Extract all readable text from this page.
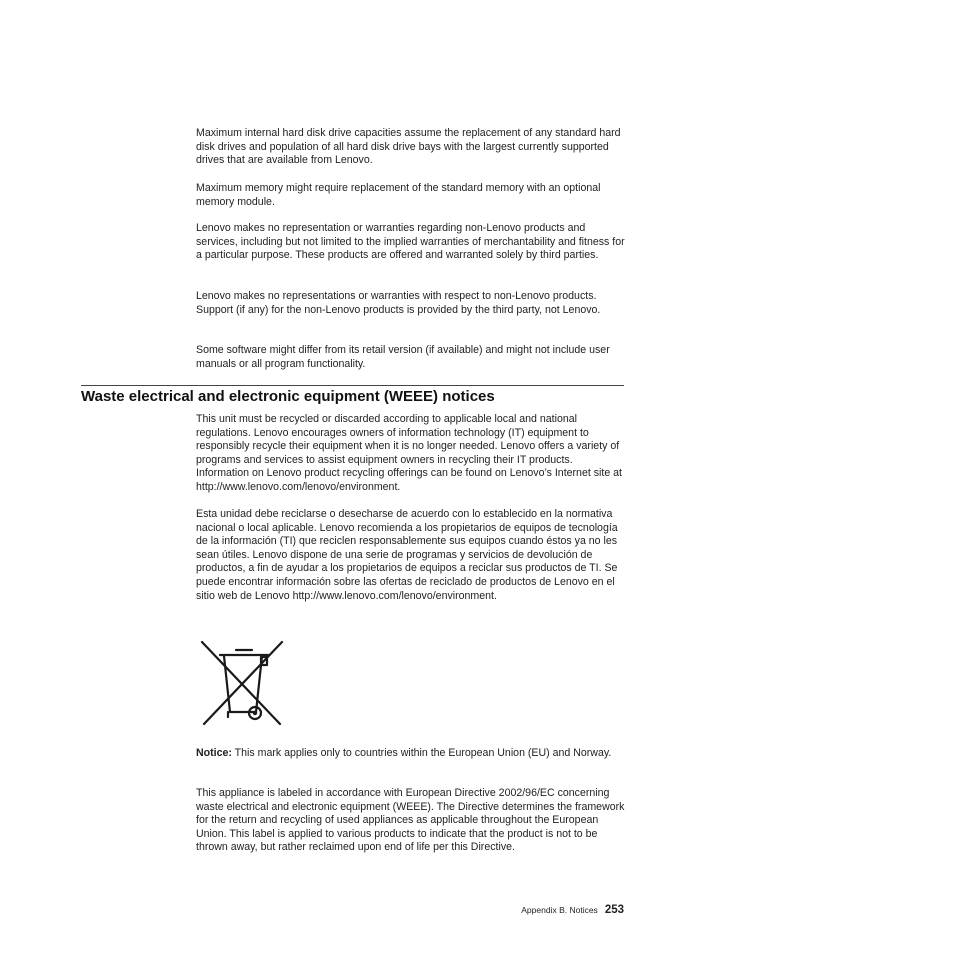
Maximum internal hard disk drive capacities assume the replacement of any standard hard disk drives and population of all hard disk drive bays with the largest currently supported drives that are available from Lenovo.

Maximum memory might require replacement of the standard memory with an optional memory module.

Lenovo makes no representation or warranties regarding non-Lenovo products and services, including but not limited to the implied warranties of merchantability and fitness for a particular purpose. These products are offered and warranted solely by third parties.

Lenovo makes no representations or warranties with respect to non-Lenovo products. Support (if any) for the non-Lenovo products is provided by the third party, not Lenovo.

Some software might differ from its retail version (if available) and might not include user manuals or all program functionality.

Waste electrical and electronic equipment (WEEE) notices

This unit must be recycled or discarded according to applicable local and national regulations. Lenovo encourages owners of information technology (IT) equipment to responsibly recycle their equipment when it is no longer needed. Lenovo offers a variety of programs and services to assist equipment owners in recycling their IT products. Information on Lenovo product recycling offerings can be found on Lenovo’s Internet site at http://www.lenovo.com/lenovo/environment.

Esta unidad debe reciclarse o desecharse de acuerdo con lo establecido en la normativa nacional o local aplicable. Lenovo recomienda a los propietarios de equipos de tecnología de la información (TI) que reciclen responsablemente sus equipos cuando éstos ya no les sean útiles. Lenovo dispone de una serie de programas y servicios de devolución de productos, a fin de ayudar a los propietarios de equipos a reciclar sus productos de TI. Se puede encontrar información sobre las ofertas de reciclado de productos de Lenovo en el sitio web de Lenovo http://www.lenovo.com/lenovo/environment.

Notice: This mark applies only to countries within the European Union (EU) and Norway.

This appliance is labeled in accordance with European Directive 2002/96/EC concerning waste electrical and electronic equipment (WEEE). The Directive determines the framework for the return and recycling of used appliances as applicable throughout the European Union. This label is applied to various products to indicate that the product is not to be thrown away, but rather reclaimed upon end of life per this Directive.

Appendix B. Notices 253
